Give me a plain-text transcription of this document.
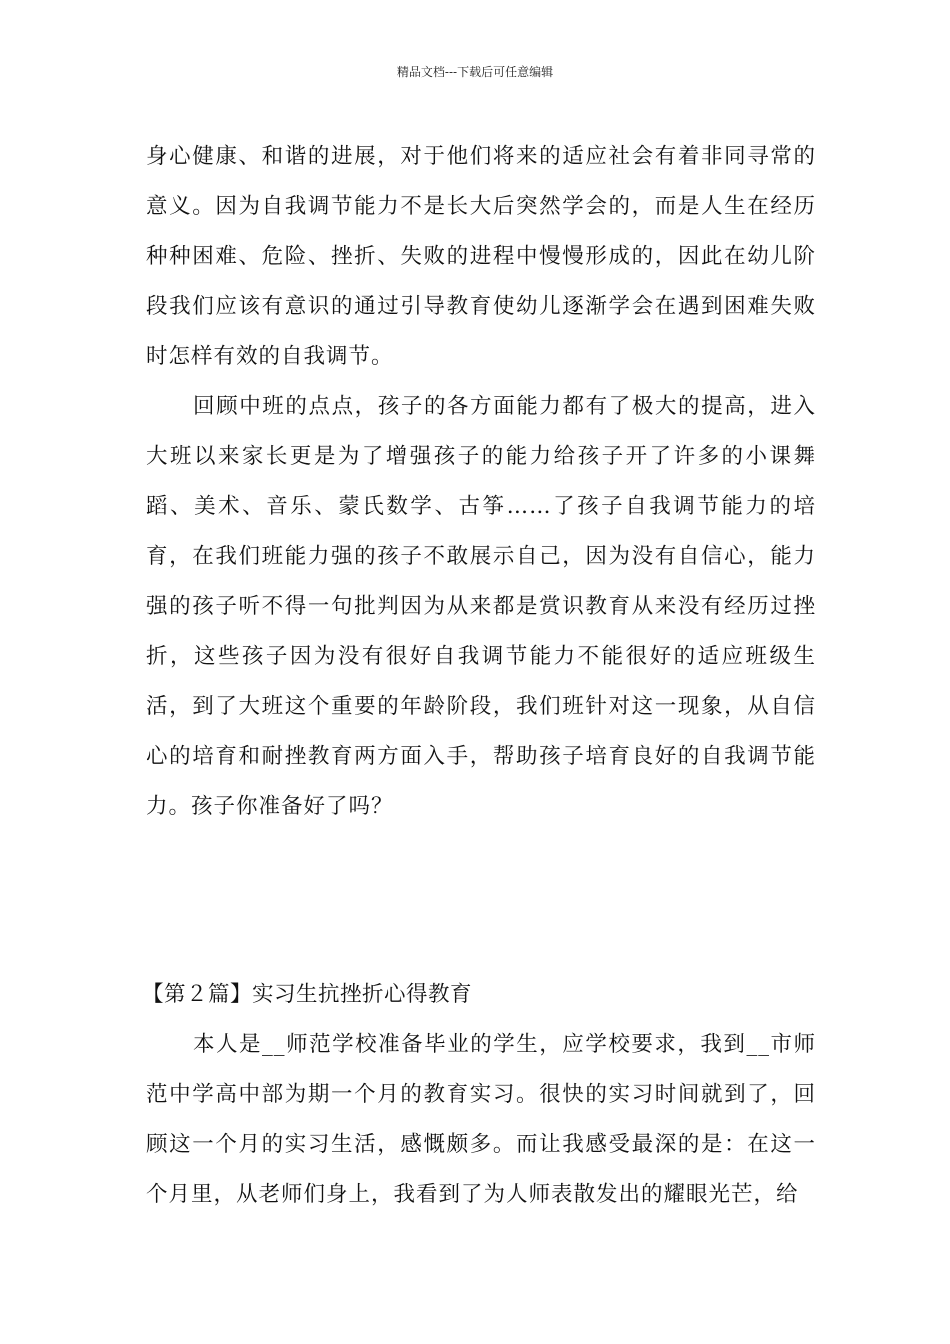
精品文档---下载后可任意编辑

身心健康、和谐的进展，对于他们将来的适应社会有着非同寻常的意义。因为自我调节能力不是长大后突然学会的，而是人生在经历种种困难、危险、挫折、失败的进程中慢慢形成的，因此在幼儿阶段我们应该有意识的通过引导教育使幼儿逐渐学会在遇到困难失败时怎样有效的自我调节。

回顾中班的点点，孩子的各方面能力都有了极大的提高，进入大班以来家长更是为了增强孩子的能力给孩子开了许多的小课舞蹈、美术、音乐、蒙氏数学、古筝……了孩子自我调节能力的培育，在我们班能力强的孩子不敢展示自己，因为没有自信心，能力强的孩子听不得一句批判因为从来都是赏识教育从来没有经历过挫折，这些孩子因为没有很好自我调节能力不能很好的适应班级生活，到了大班这个重要的年龄阶段，我们班针对这一现象，从自信心的培育和耐挫教育两方面入手，帮助孩子培育良好的自我调节能力。孩子你准备好了吗？

【第２篇】实习生抗挫折心得教育

本人是__师范学校准备毕业的学生，应学校要求，我到__市师范中学高中部为期一个月的教育实习。很快的实习时间就到了，回顾这一个月的实习生活，感慨颇多。而让我感受最深的是：在这一个月里，从老师们身上，我看到了为人师表散发出的耀眼光芒，给
